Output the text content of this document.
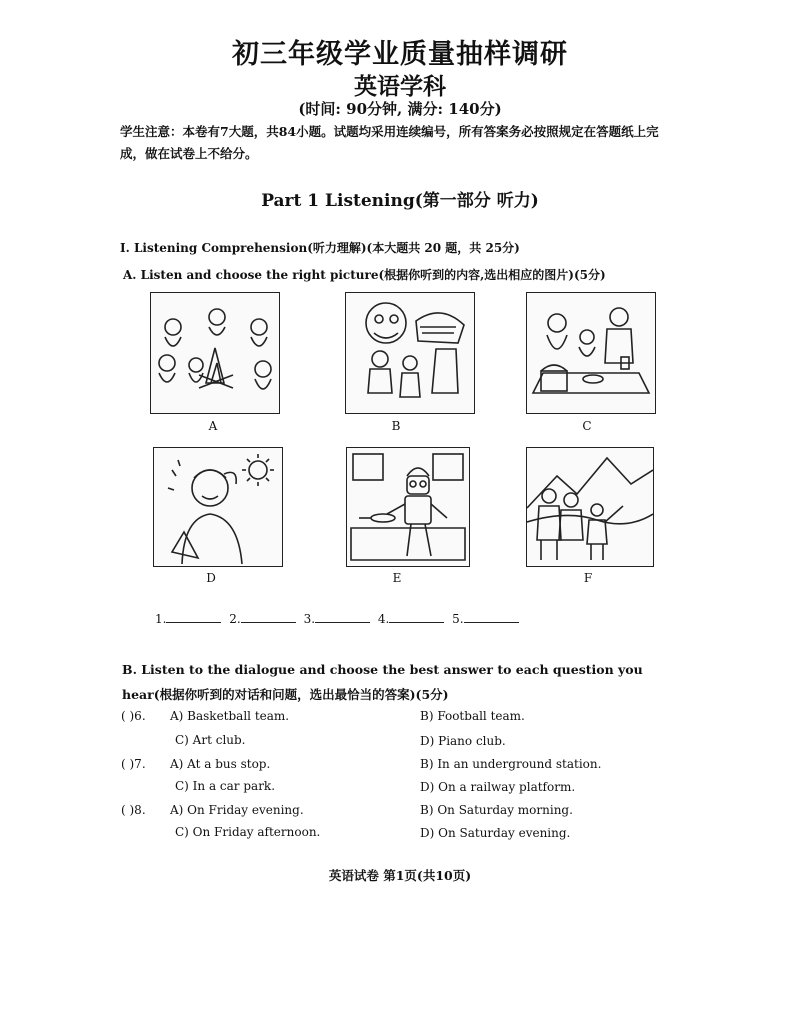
初三年级学业质量抽样调研
英语学科
(时间: 90分钟, 满分: 140分)
学生注意：本卷有7大题，共84小题。试题均采用连续编号，所有答案务必按照规定在答题纸上完成，做在试卷上不给分。
Part 1 Listening(第一部分 听力)
I. Listening Comprehension(听力理解)(本大题共 20 题，共 25分)
A. Listen and choose the right picture(根据你听到的内容,选出相应的图片)(5分)
A	B	C
D	E	F
1.	2.	3.	4.	5.
B. Listen to the dialogue and choose the best answer to each question you hear(根据你听到的对话和问题，选出最恰当的答案)(5分)
( )6. A) Basketball team.	B) Football team.
C) Art club.	D) Piano club.
( )7. A) At a bus stop.	B) In an underground station.
C) In a car park.	D) On a railway platform.
( )8. A) On Friday evening.	B) On Saturday morning.
C) On Friday afternoon.	D) On Saturday evening.
英语试卷 第1页(共10页)
